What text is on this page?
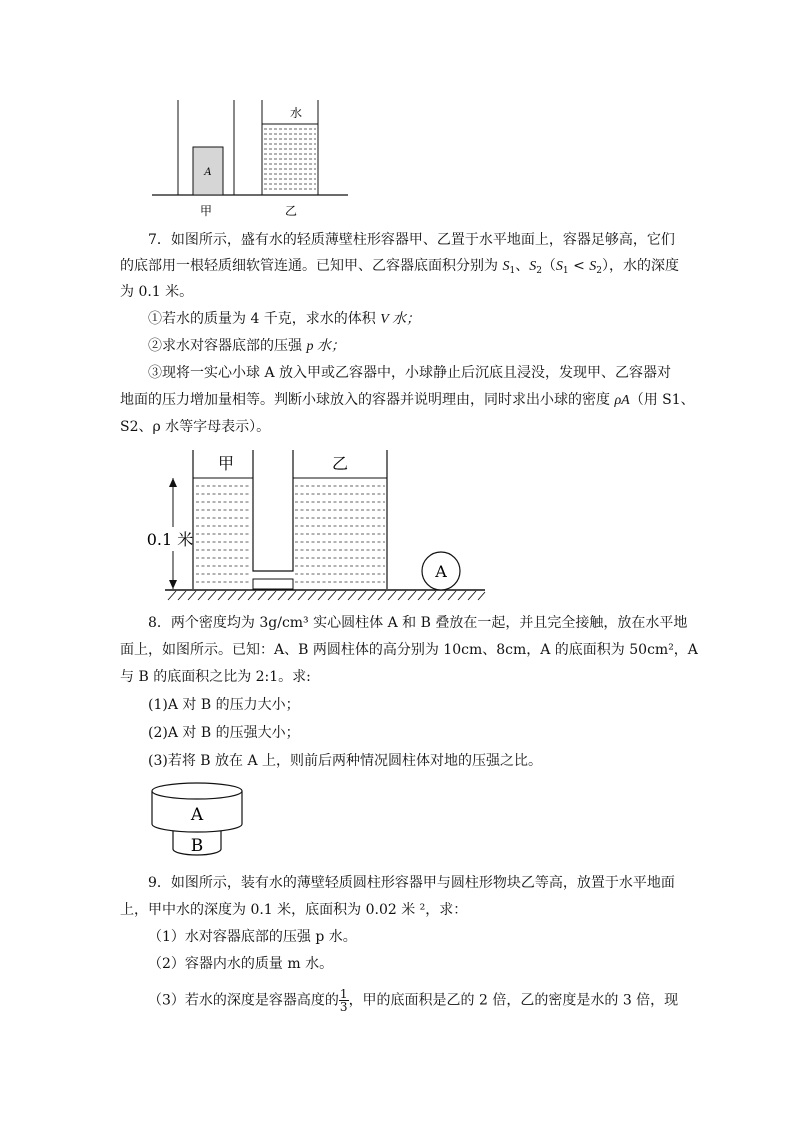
A
水
甲	乙
7．如图所示，盛有水的轻质薄壁柱形容器甲、乙置于水平地面上，容器足够高，它们
的底部用一根轻质细软管连通。已知甲、乙容器底面积分别为 $S_1$、$S_2(S_1 < S_2)$，水的深度
为 0.1 米。
①若水的质量为 4 千克，求水的体积 V 水；
②求水对容器底部的压强 p 水；
③现将一实心小球 A 放入甲或乙容器中，小球静止后沉底且浸没，发现甲、乙容器对
地面的压力增加量相等。判断小球放入的容器并说明理由，同时求出小球的密度 ρA（用 S1、
S2、ρ 水等字母表示）。
甲	乙
0.1 米
A
8．两个密度均为 3g/cm³ 实心圆柱体 A 和 B 叠放在一起，并且完全接触，放在水平地
面上，如图所示。已知：A、B 两圆柱体的高分别为 10cm、8cm，A 的底面积为 50cm²，A
与 B 的底面积之比为 2:1。求:
(1)A 对 B 的压力大小；
(2)A 对 B 的压强大小；
(3)若将 B 放在 A 上，则前后两种情况圆柱体对地的压强之比。
B
A
9．如图所示，装有水的薄壁轻质圆柱形容器甲与圆柱形物块乙等高，放置于水平地面
上，甲中水的深度为 0.1 米，底面积为 0.02 米 ²，求：
（1）水对容器底部的压强 p 水。
（2）容器内水的质量 m 水。
（3）若水的深度是容器高度的 $\frac{1}{3}$ ，甲的底面积是乙的 2 倍，乙的密度是水的 3 倍，现
